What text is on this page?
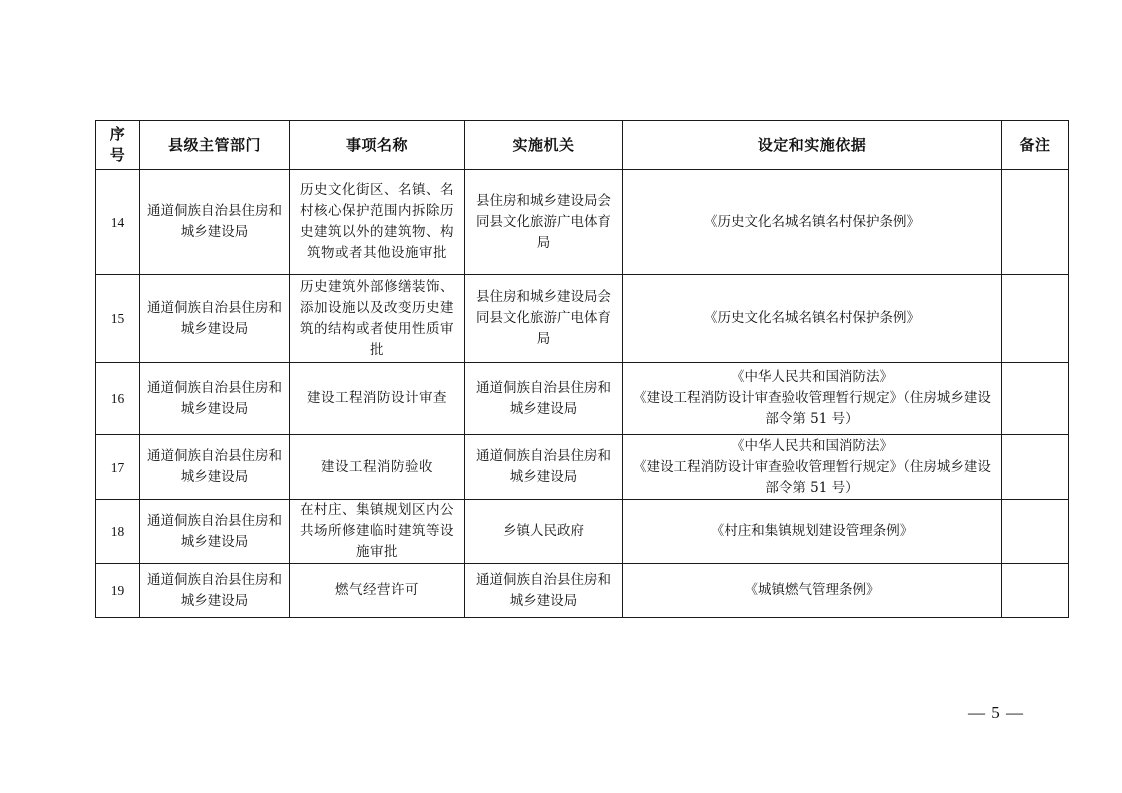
序
号	县级主管部门	事项名称	实施机关	设定和实施依据	备注
14	通道侗族自治县住房和城乡建设局	历史文化街区、名镇、名村核心保护范围内拆除历史建筑以外的建筑物、构筑物或者其他设施审批	县住房和城乡建设局会同县文化旅游广电体育局	《历史文化名城名镇名村保护条例》	

15	通道侗族自治县住房和城乡建设局	历史建筑外部修缮装饰、添加设施以及改变历史建筑的结构或者使用性质审批	县住房和城乡建设局会同县文化旅游广电体育局	《历史文化名城名镇名村保护条例》	

16	通道侗族自治县住房和城乡建设局	建设工程消防设计审查	通道侗族自治县住房和城乡建设局	《中华人民共和国消防法》
《建设工程消防设计审查验收管理暂行规定》（住房城乡建设部令第 51 号）	

17	通道侗族自治县住房和城乡建设局	建设工程消防验收	通道侗族自治县住房和城乡建设局	《中华人民共和国消防法》
《建设工程消防设计审查验收管理暂行规定》（住房城乡建设部令第 51 号）	

18	通道侗族自治县住房和城乡建设局	在村庄、集镇规划区内公共场所修建临时建筑等设施审批	乡镇人民政府	《村庄和集镇规划建设管理条例》	

19	通道侗族自治县住房和城乡建设局	燃气经营许可	通道侗族自治县住房和城乡建设局	《城镇燃气管理条例》	

— 5 —
